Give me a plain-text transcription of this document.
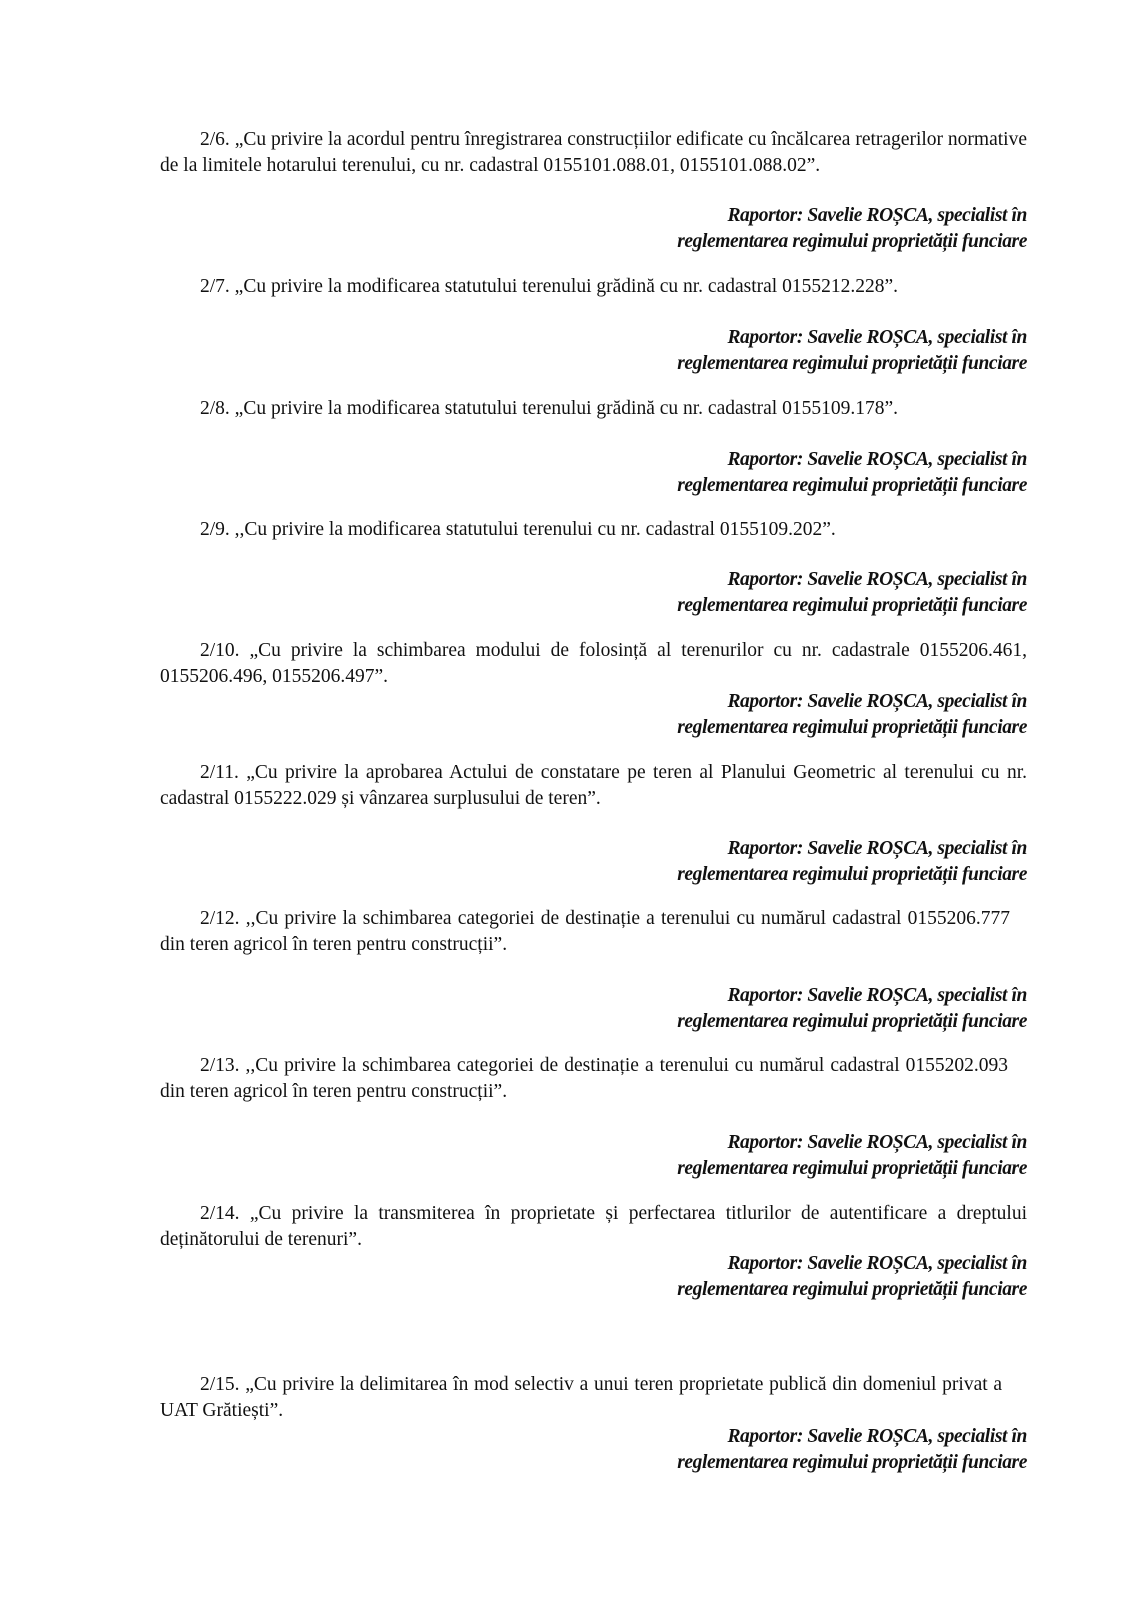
2/6. „Cu privire la acordul pentru înregistrarea construcțiilor edificate cu încălcarea retragerilor normative de la limitele hotarului terenului, cu nr. cadastral 0155101.088.01, 0155101.088.02”.

Raportor: Savelie ROȘCA, specialist în
reglementarea regimului proprietății funciare

2/7. „Cu privire la modificarea statutului terenului grădină cu nr. cadastral 0155212.228”.

Raportor: Savelie ROȘCA, specialist în
reglementarea regimului proprietății funciare

2/8. „Cu privire la modificarea statutului terenului grădină cu nr. cadastral 0155109.178”.

Raportor: Savelie ROȘCA, specialist în
reglementarea regimului proprietății funciare

2/9. ,,Cu privire la modificarea statutului terenului cu nr. cadastral 0155109.202”.

Raportor: Savelie ROȘCA, specialist în
reglementarea regimului proprietății funciare

2/10. „Cu privire la schimbarea modului de folosință al terenurilor cu nr. cadastrale 0155206.461, 0155206.496, 0155206.497”.

Raportor: Savelie ROȘCA, specialist în
reglementarea regimului proprietății funciare

2/11. „Cu privire la aprobarea Actului de constatare pe teren al Planului Geometric al terenului cu nr. cadastral 0155222.029 și vânzarea surplusului de teren”.

Raportor: Savelie ROȘCA, specialist în
reglementarea regimului proprietății funciare

2/12. ,,Cu privire la schimbarea categoriei de destinație a terenului cu numărul cadastral 0155206.777 din teren agricol în teren pentru construcții”.

Raportor: Savelie ROȘCA, specialist în
reglementarea regimului proprietății funciare

2/13. ,,Cu privire la schimbarea categoriei de destinație a terenului cu numărul cadastral 0155202.093 din teren agricol în teren pentru construcții”.

Raportor: Savelie ROȘCA, specialist în
reglementarea regimului proprietății funciare

2/14. „Cu privire la transmiterea în proprietate și perfectarea titlurilor de autentificare a dreptului deținătorului de terenuri”.

Raportor: Savelie ROȘCA, specialist în
reglementarea regimului proprietății funciare

2/15. „Cu privire la delimitarea în mod selectiv a unui teren proprietate publică din domeniul privat a UAT Grătiești”.

Raportor: Savelie ROȘCA, specialist în
reglementarea regimului proprietății funciare
